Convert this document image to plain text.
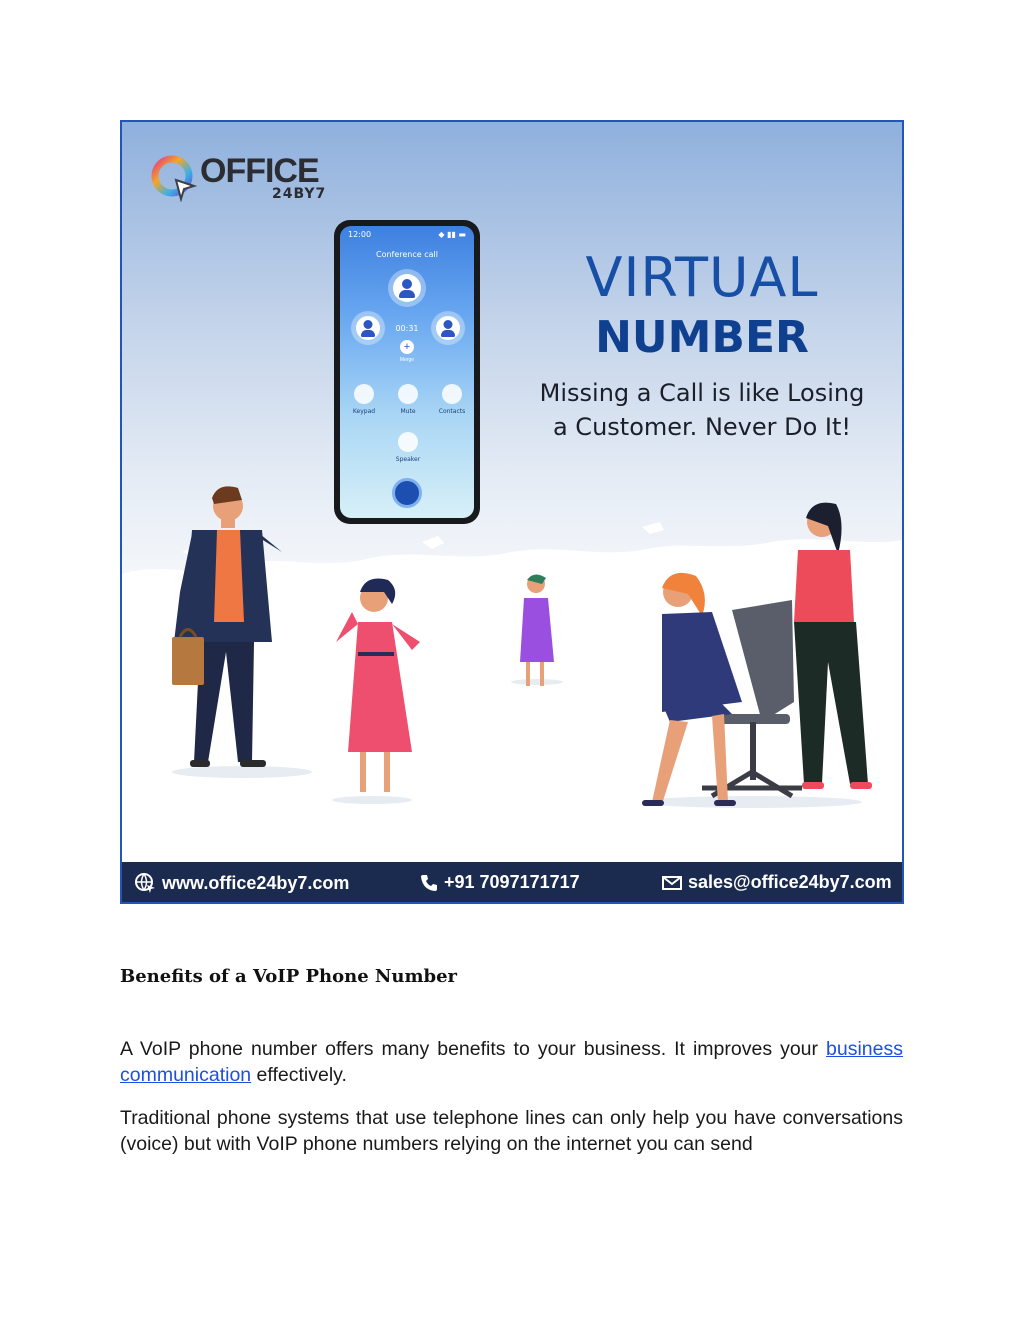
OFFICE
24BY7
12:00	◆ ▮▮ ▬
Conference call
00:31
+
Merge
Keypad	Mute	Contacts
Speaker
VIRTUAL
NUMBER
Missing a Call is like Losing
a Customer. Never Do It!
www.office24by7.com	+91 7097171717	sales@office24by7.com
Benefits of a VoIP Phone Number

A VoIP phone number offers many benefits to your business. It improves your business communication effectively.

Traditional phone systems that use telephone lines can only help you have conversations (voice) but with VoIP phone numbers relying on the internet you can send
